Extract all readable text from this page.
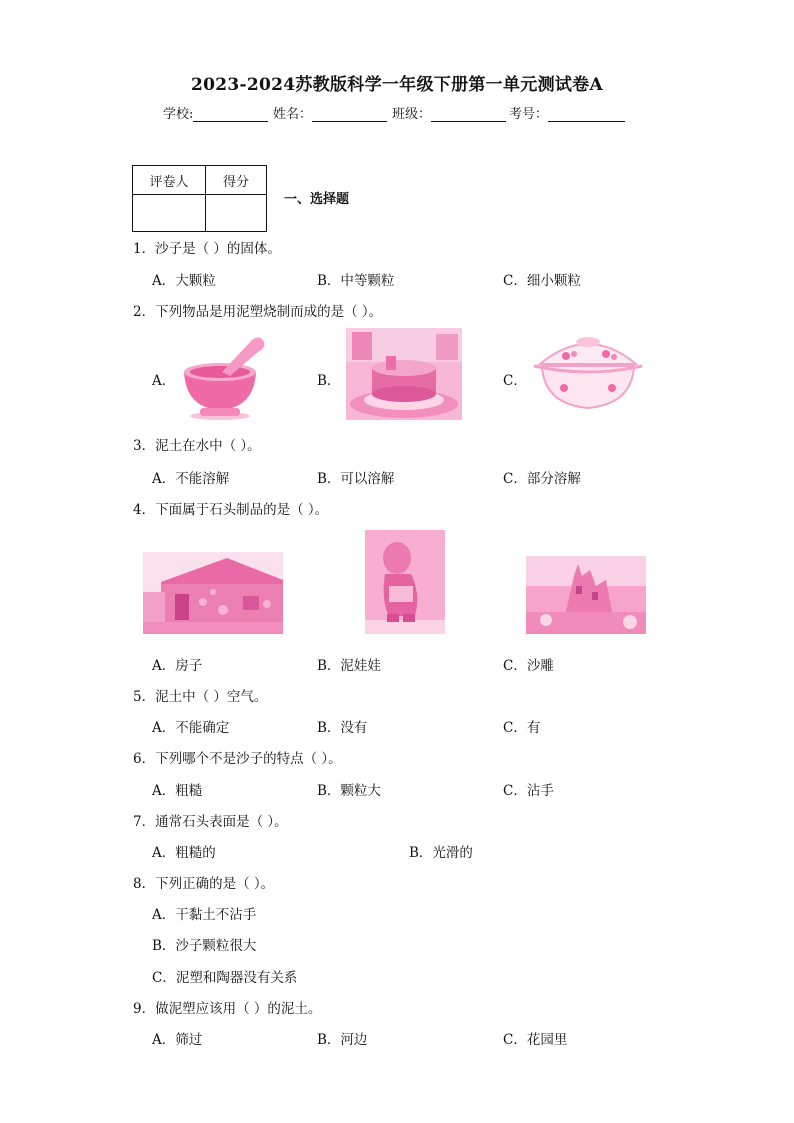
2023-2024苏教版科学一年级下册第一单元测试卷A
学校:	姓名：	班级：	考号：
评卷人	得分

一、选择题
1．沙子是（ ）的固体。
A．大颗粒	B．中等颗粒	C．细小颗粒
2．下列物品是用泥塑烧制而成的是（ ）。
A．	B．	C．
3．泥土在水中（ ）。
A．不能溶解	B．可以溶解	C．部分溶解
4．下面属于石头制品的是（ ）。
A．房子	B．泥娃娃	C．沙雕
5．泥土中（ ）空气。
A．不能确定	B．没有	C．有
6．下列哪个不是沙子的特点（ ）。
A．粗糙	B．颗粒大	C．沾手
7．通常石头表面是（ ）。
A．粗糙的	B．光滑的
8．下列正确的是（ ）。
A．干黏土不沾手
B．沙子颗粒很大
C．泥塑和陶器没有关系
9．做泥塑应该用（ ）的泥土。
A．筛过	B．河边	C．花园里
